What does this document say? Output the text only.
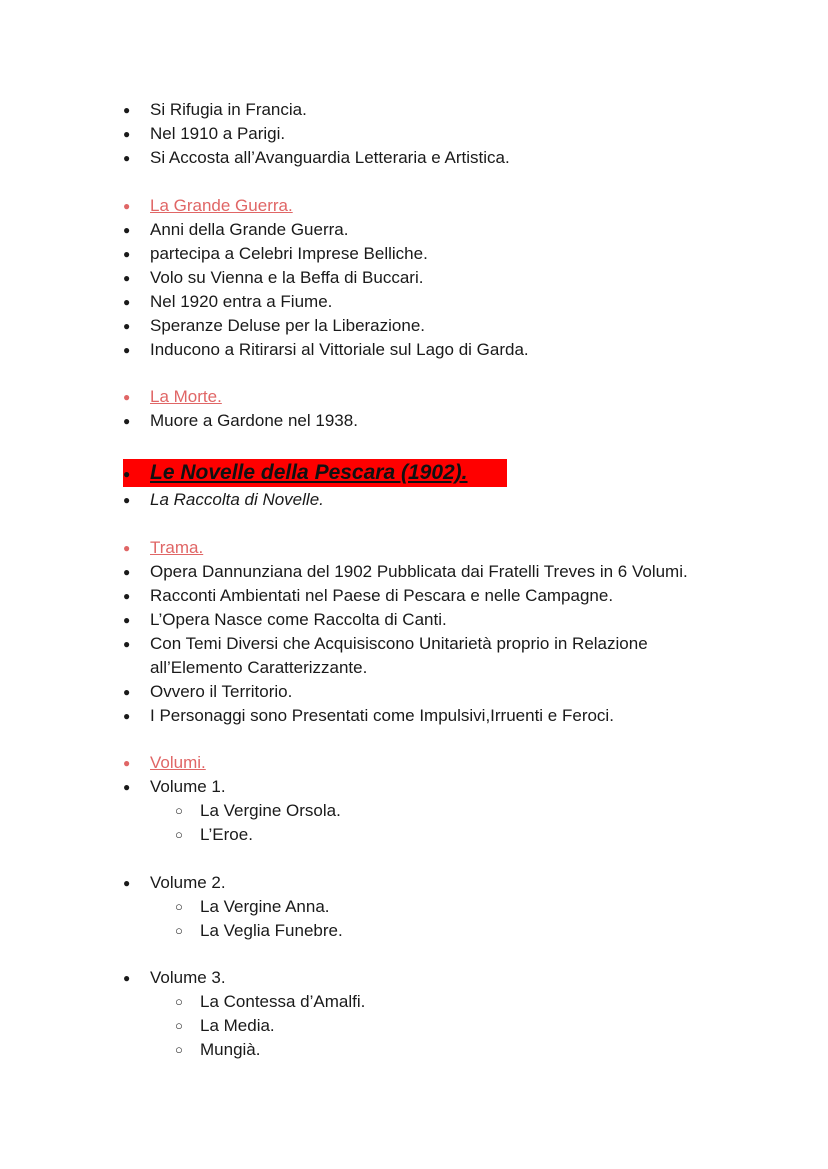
● Si Rifugia in Francia.
● Nel 1910 a Parigi.
● Si Accosta all’Avanguardia Letteraria e Artistica.
● La Grande Guerra.
● Anni della Grande Guerra.
● partecipa a Celebri Imprese Belliche.
● Volo su Vienna e la Beffa di Buccari.
● Nel 1920 entra a Fiume.
● Speranze Deluse per la Liberazione.
● Inducono a Ritirarsi al Vittoriale sul Lago di Garda.
● La Morte.
● Muore a Gardone nel 1938.
● Le Novelle della Pescara (1902).
● La Raccolta di Novelle.
● Trama.
● Opera Dannunziana del 1902 Pubblicata dai Fratelli Treves in 6 Volumi.
● Racconti Ambientati nel Paese di Pescara e nelle Campagne.
● L’Opera Nasce come Raccolta di Canti.
● Con Temi Diversi che Acquisiscono Unitarietà proprio in Relazione
all’Elemento Caratterizzante.
● Ovvero il Territorio.
● I Personaggi sono Presentati come Impulsivi,Irruenti e Feroci.
● Volumi.
● Volume 1.
○ La Vergine Orsola.
○ L’Eroe.
● Volume 2.
○ La Vergine Anna.
○ La Veglia Funebre.
● Volume 3.
○ La Contessa d’Amalfi.
○ La Media.
○ Mungià.
